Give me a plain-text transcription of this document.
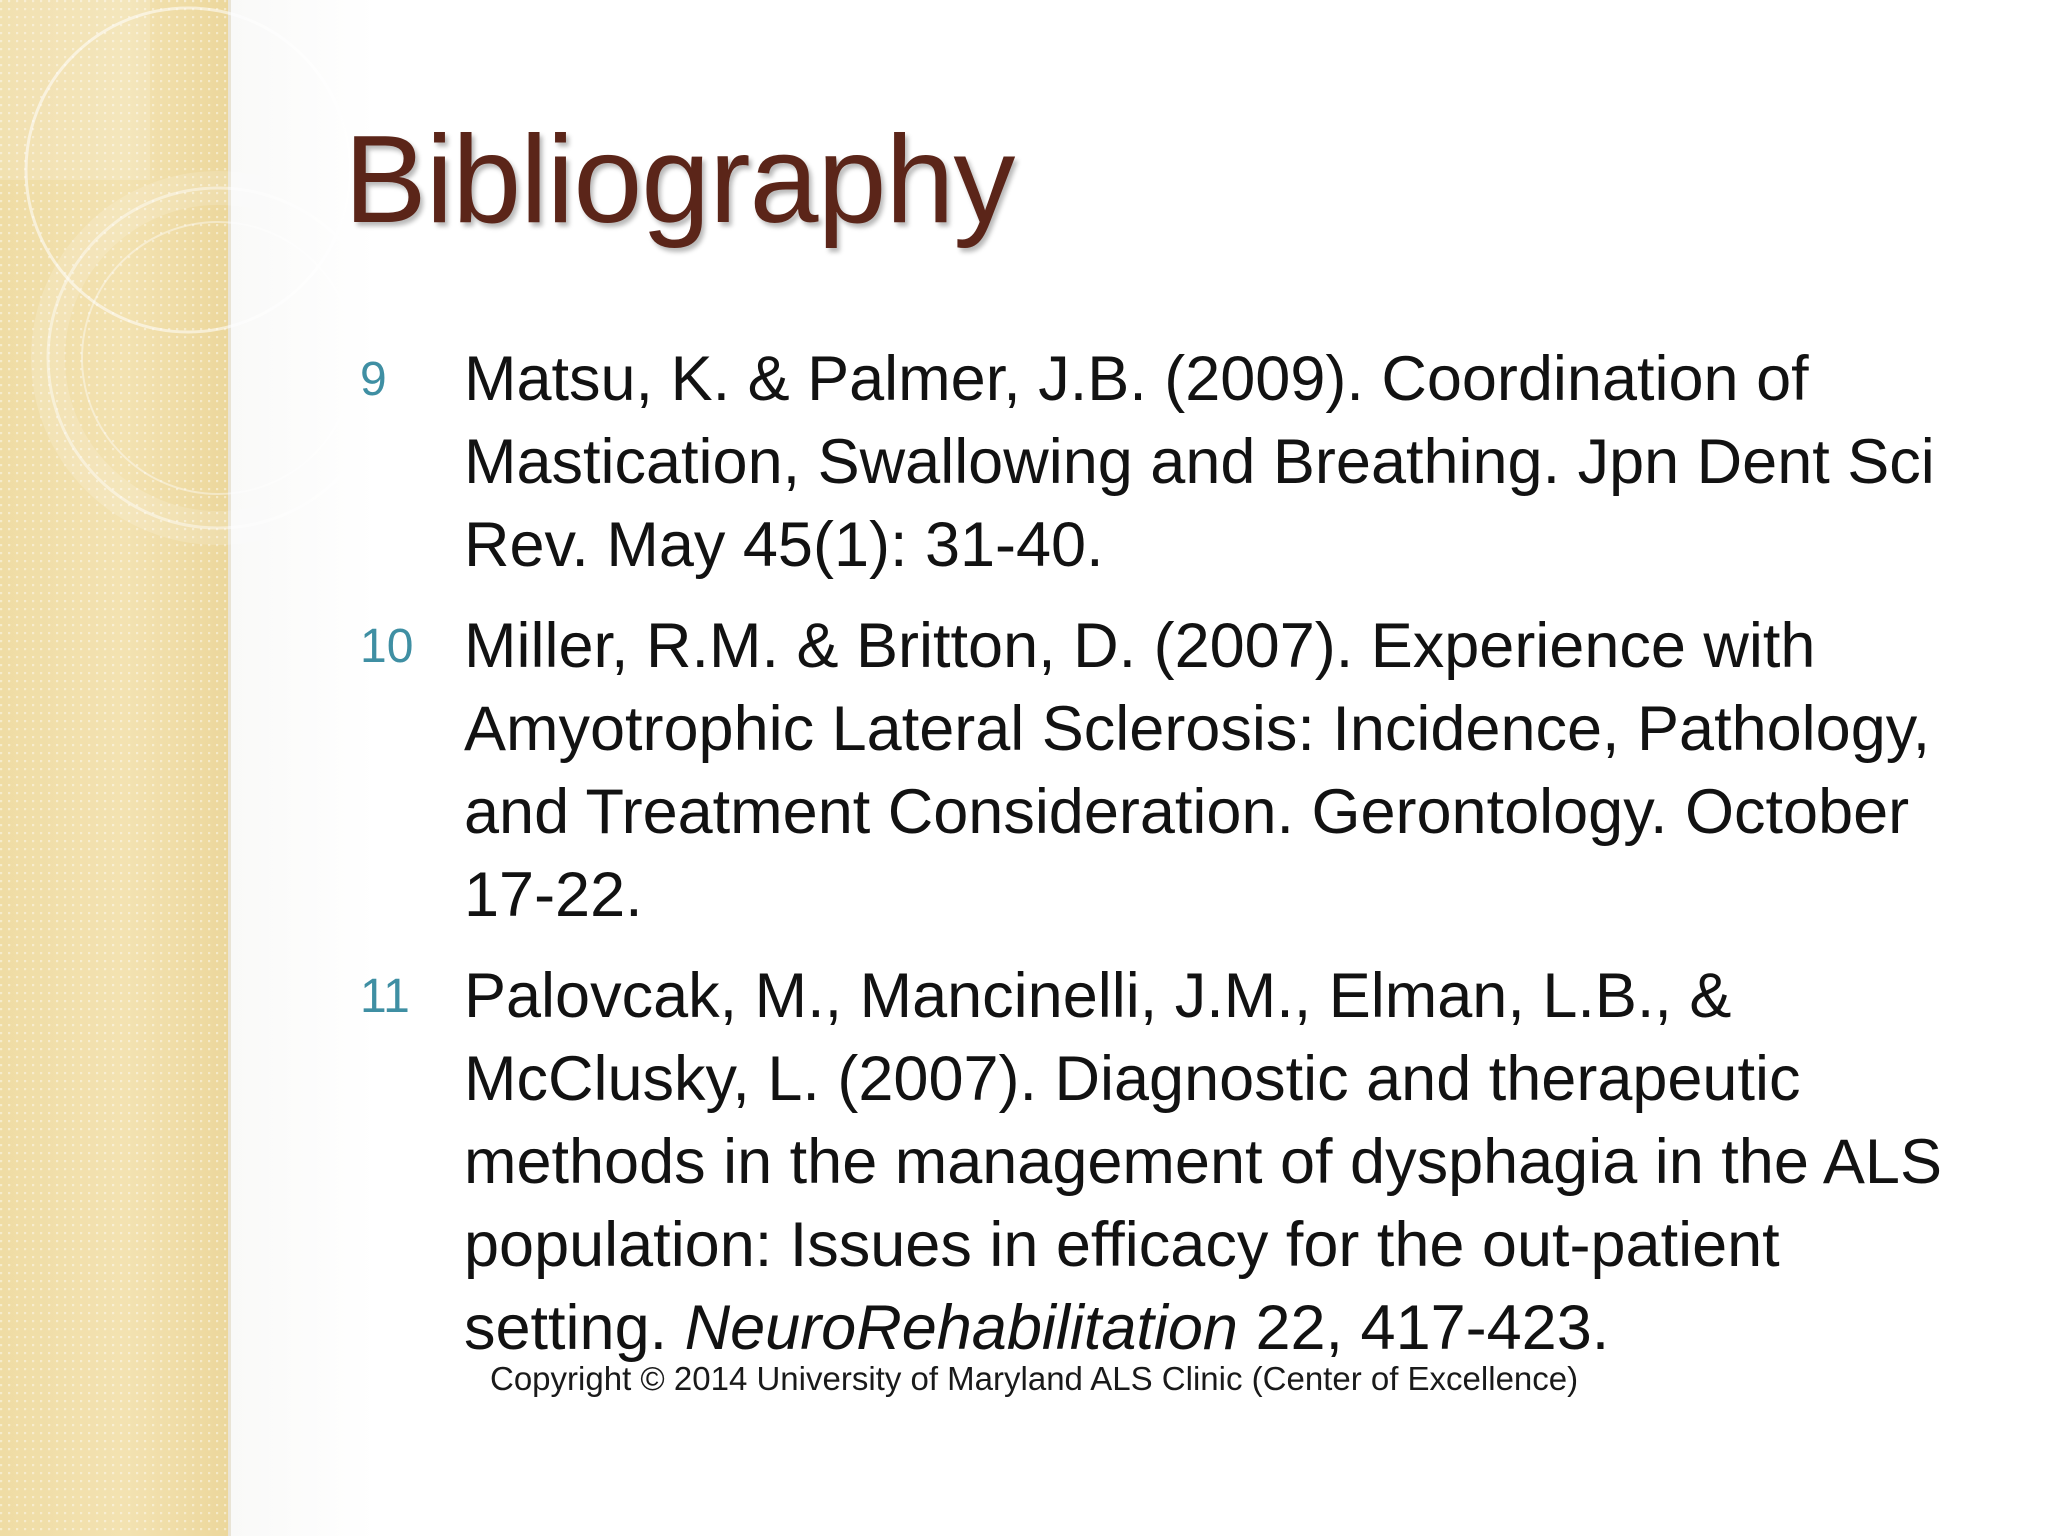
Bibliography
9	Matsu, K. & Palmer, J.B. (2009). Coordination of Mastication, Swallowing and Breathing. Jpn Dent Sci Rev. May 45(1): 31-40.
10 Miller, R.M. & Britton, D. (2007). Experience with Amyotrophic Lateral Sclerosis: Incidence, Pathology, and Treatment Consideration. Gerontology. October 17-22.
11 Palovcak, M., Mancinelli, J.M., Elman, L.B., & McClusky, L. (2007). Diagnostic and therapeutic methods in the management of dysphagia in the ALS population: Issues in efficacy for the out-patient setting. NeuroRehabilitation 22, 417-423.
Copyright © 2014 University of Maryland ALS Clinic (Center of Excellence)
